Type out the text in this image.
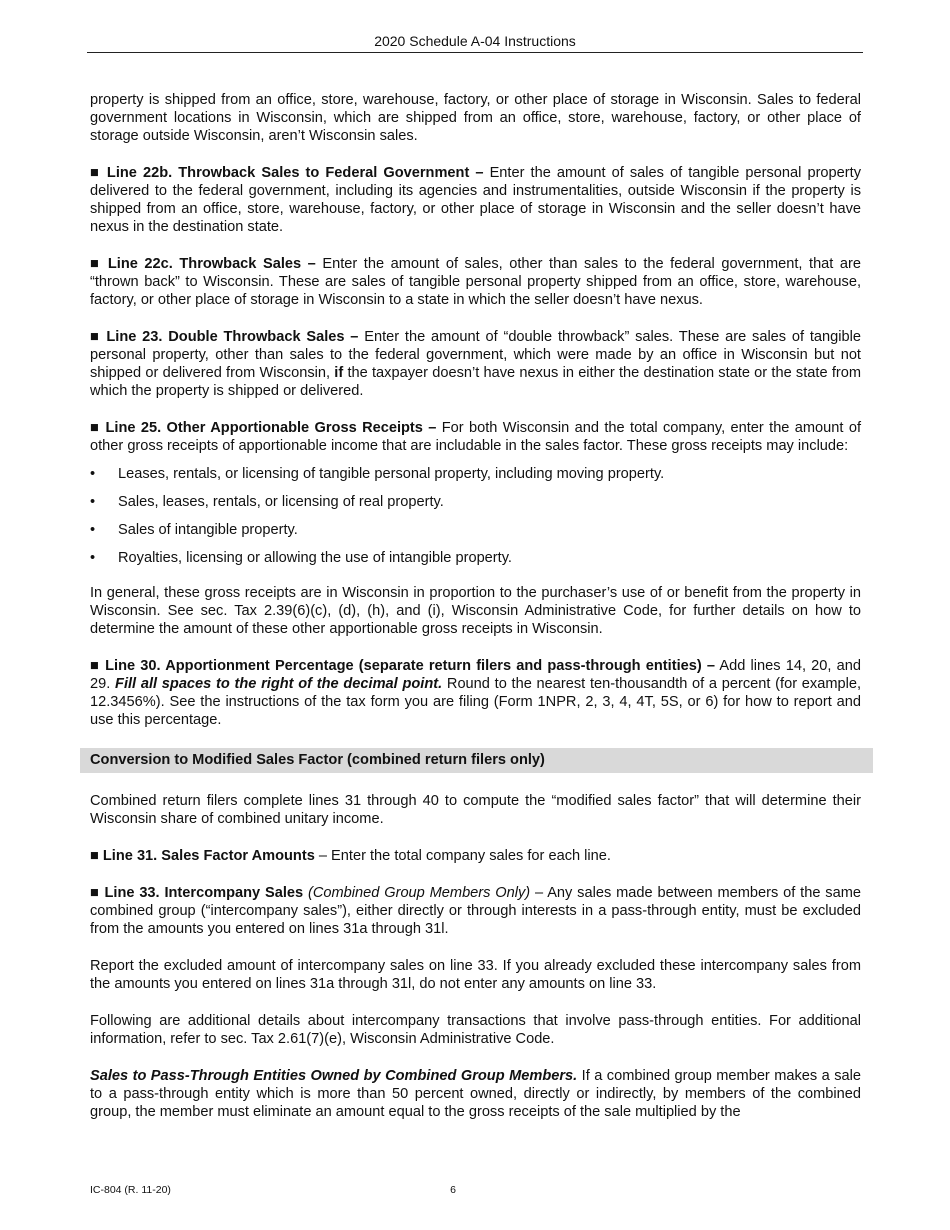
2020 Schedule A-04 Instructions

property is shipped from an office, store, warehouse, factory, or other place of storage in Wisconsin. Sales to federal government locations in Wisconsin, which are shipped from an office, store, warehouse, factory, or other place of storage outside Wisconsin, aren’t Wisconsin sales.

■ Line 22b. Throwback Sales to Federal Government – Enter the amount of sales of tangible personal property delivered to the federal government, including its agencies and instrumentalities, outside Wisconsin if the property is shipped from an office, store, warehouse, factory, or other place of storage in Wisconsin and the seller doesn’t have nexus in the destination state.

■ Line 22c. Throwback Sales – Enter the amount of sales, other than sales to the federal government, that are “thrown back” to Wisconsin. These are sales of tangible personal property shipped from an office, store, warehouse, factory, or other place of storage in Wisconsin to a state in which the seller doesn’t have nexus.

■ Line 23. Double Throwback Sales – Enter the amount of “double throwback” sales. These are sales of tangible personal property, other than sales to the federal government, which were made by an office in Wisconsin but not shipped or delivered from Wisconsin, if the taxpayer doesn’t have nexus in either the destination state or the state from which the property is shipped or delivered.

■ Line 25. Other Apportionable Gross Receipts – For both Wisconsin and the total company, enter the amount of other gross receipts of apportionable income that are includable in the sales factor. These gross receipts may include:

• Leases, rentals, or licensing of tangible personal property, including moving property.
• Sales, leases, rentals, or licensing of real property.
• Sales of intangible property.
• Royalties, licensing or allowing the use of intangible property.

In general, these gross receipts are in Wisconsin in proportion to the purchaser’s use of or benefit from the property in Wisconsin. See sec. Tax 2.39(6)(c), (d), (h), and (i), Wisconsin Administrative Code, for further details on how to determine the amount of these other apportionable gross receipts in Wisconsin.

■ Line 30. Apportionment Percentage (separate return filers and pass-through entities) – Add lines 14, 20, and 29. Fill all spaces to the right of the decimal point. Round to the nearest ten-thousandth of a percent (for example, 12.3456%). See the instructions of the tax form you are filing (Form 1NPR, 2, 3, 4, 4T, 5S, or 6) for how to report and use this percentage.

Conversion to Modified Sales Factor (combined return filers only)

Combined return filers complete lines 31 through 40 to compute the “modified sales factor” that will determine their Wisconsin share of combined unitary income.

■ Line 31. Sales Factor Amounts – Enter the total company sales for each line.

■ Line 33. Intercompany Sales (Combined Group Members Only) – Any sales made between members of the same combined group (“intercompany sales”), either directly or through interests in a pass-through entity, must be excluded from the amounts you entered on lines 31a through 31l.

Report the excluded amount of intercompany sales on line 33. If you already excluded these intercompany sales from the amounts you entered on lines 31a through 31l, do not enter any amounts on line 33.

Following are additional details about intercompany transactions that involve pass-through entities. For additional information, refer to sec. Tax 2.61(7)(e), Wisconsin Administrative Code.

Sales to Pass-Through Entities Owned by Combined Group Members. If a combined group member makes a sale to a pass-through entity which is more than 50 percent owned, directly or indirectly, by members of the combined group, the member must eliminate an amount equal to the gross receipts of the sale multiplied by the

IC-804 (R. 11-20)	6
